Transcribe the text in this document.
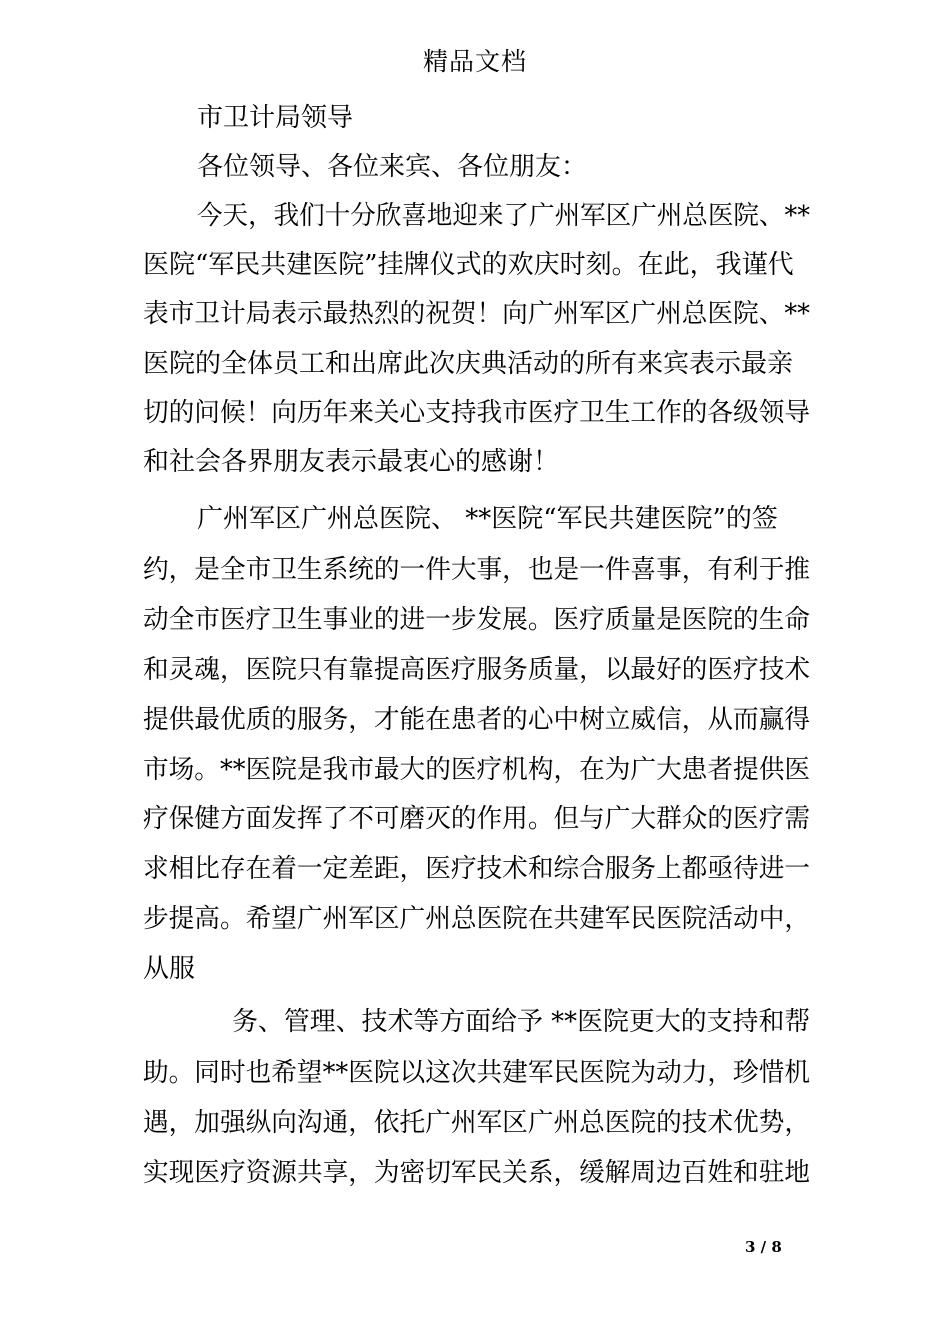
精品文档
市卫计局领导
各位领导、各位来宾、各位朋友：
今天，我们十分欣喜地迎来了广州军区广州总医院、**
医院“军民共建医院”挂牌仪式的欢庆时刻。在此，我谨代
表市卫计局表示最热烈的祝贺！向广州军区广州总医院、**
医院的全体员工和出席此次庆典活动的所有来宾表示最亲
切的问候！向历年来关心支持我市医疗卫生工作的各级领导
和社会各界朋友表示最衷心的感谢！
广州军区广州总医院、 **医院“军民共建医院”的签
约，是全市卫生系统的一件大事，也是一件喜事，有利于推
动全市医疗卫生事业的进一步发展。医疗质量是医院的生命
和灵魂，医院只有靠提高医疗服务质量，以最好的医疗技术
提供最优质的服务，才能在患者的心中树立威信，从而赢得
市场。**医院是我市最大的医疗机构，在为广大患者提供医
疗保健方面发挥了不可磨灭的作用。但与广大群众的医疗需
求相比存在着一定差距，医疗技术和综合服务上都亟待进一
步提高。希望广州军区广州总医院在共建军民医院活动中，
从服
务、管理、技术等方面给予 **医院更大的支持和帮
助。同时也希望**医院以这次共建军民医院为动力，珍惜机
遇，加强纵向沟通，依托广州军区广州总医院的技术优势，
实现医疗资源共享，为密切军民关系，缓解周边百姓和驻地
3 / 8
